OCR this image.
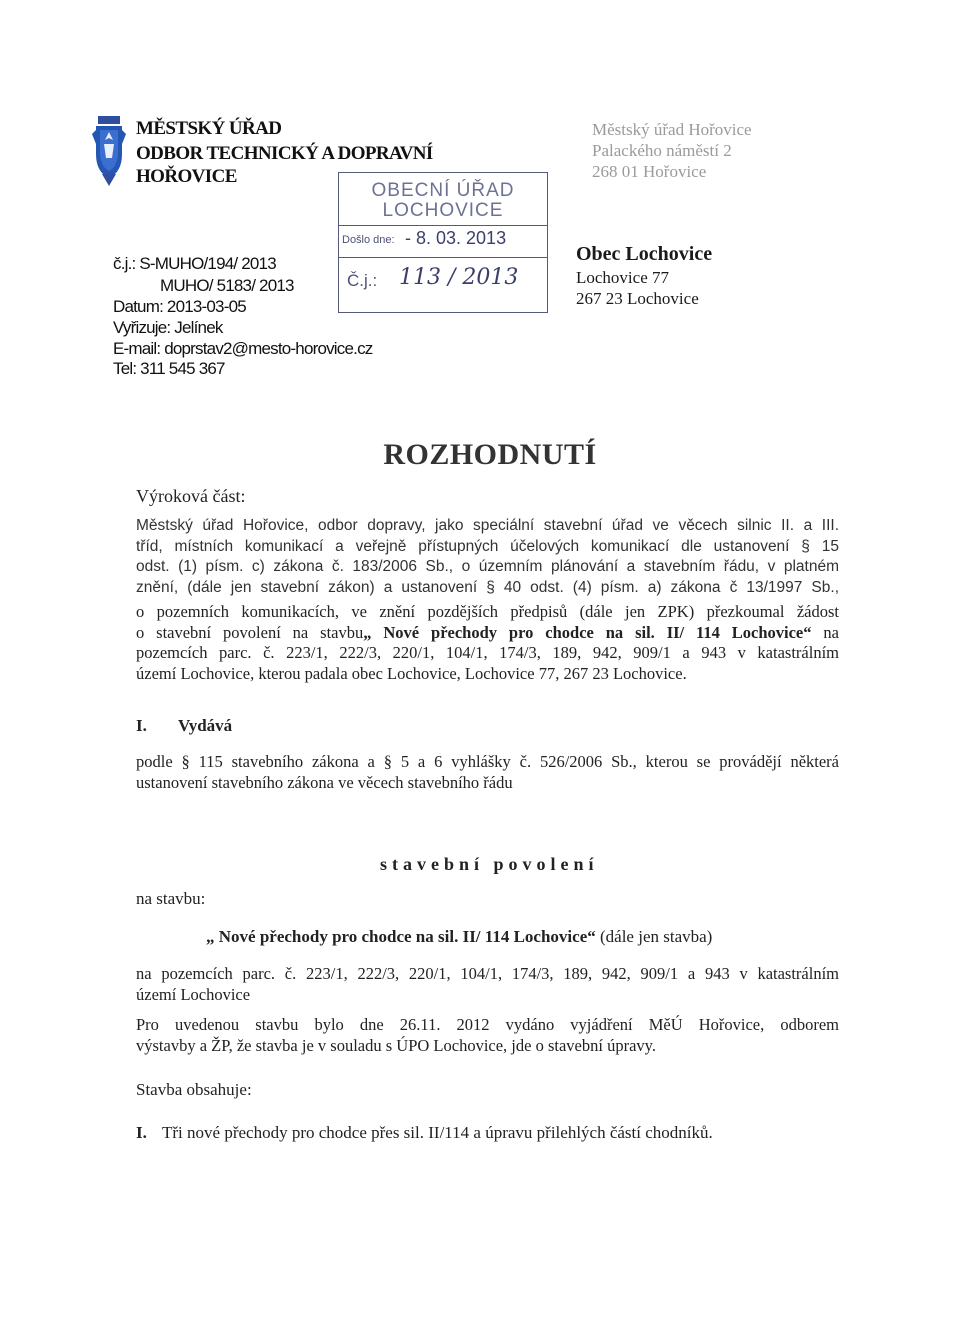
MĚSTSKÝ ÚŘAD
ODBOR TECHNICKÝ A DOPRAVNÍ
HOŘOVICE
č.j.: S-MUHO/194/ 2013
MUHO/ 5183/ 2013
Datum: 2013-03-05
Vyřizuje: Jelínek
E-mail: doprstav2@mesto-horovice.cz
Tel: 311 545 367
Městský úřad Hořovice
Palackého náměstí 2
268 01 Hořovice
OBECNÍ ÚŘAD
LOCHOVICE
Došlo dne: - 8. 03. 2013
Č.j.: 113 / 2013
Obec Lochovice
Lochovice 77
267 23 Lochovice
ROZHODNUTÍ
Výroková část:
Městský úřad Hořovice, odbor dopravy, jako speciální stavební úřad ve věcech silnic II. a III.
tříd, místních komunikací a veřejně přístupných účelových komunikací dle ustanovení § 15
odst. (1) písm. c) zákona č. 183/2006 Sb., o územním plánování a stavebním řádu, v platném
znění, (dále jen stavební zákon) a ustanovení § 40 odst. (4) písm. a) zákona č 13/1997 Sb.,
o pozemních komunikacích, ve znění pozdějších předpisů (dále jen ZPK) přezkoumal žádost
o stavební povolení na stavbu„ Nové přechody pro chodce na sil. II/ 114 Lochovice“ na
pozemcích parc. č. 223/1, 222/3, 220/1, 104/1, 174/3, 189, 942, 909/1 a 943 v katastrálním
území Lochovice, kterou padala obec Lochovice, Lochovice 77, 267 23 Lochovice.
I. Vydává
podle § 115 stavebního zákona a § 5 a 6 vyhlášky č. 526/2006 Sb., kterou se provádějí některá
ustanovení stavebního zákona ve věcech stavebního řádu
stavební povolení
na stavbu:
„ Nové přechody pro chodce na sil. II/ 114 Lochovice“ (dále jen stavba)
na pozemcích parc. č. 223/1, 222/3, 220/1, 104/1, 174/3, 189, 942, 909/1 a 943 v katastrálním
území Lochovice
Pro uvedenou stavbu bylo dne 26.11. 2012 vydáno vyjádření MěÚ Hořovice, odborem
výstavby a ŽP, že stavba je v souladu s ÚPO Lochovice, jde o stavební úpravy.
Stavba obsahuje:
I. Tři nové přechody pro chodce přes sil. II/114 a úpravu přilehlých částí chodníků.
